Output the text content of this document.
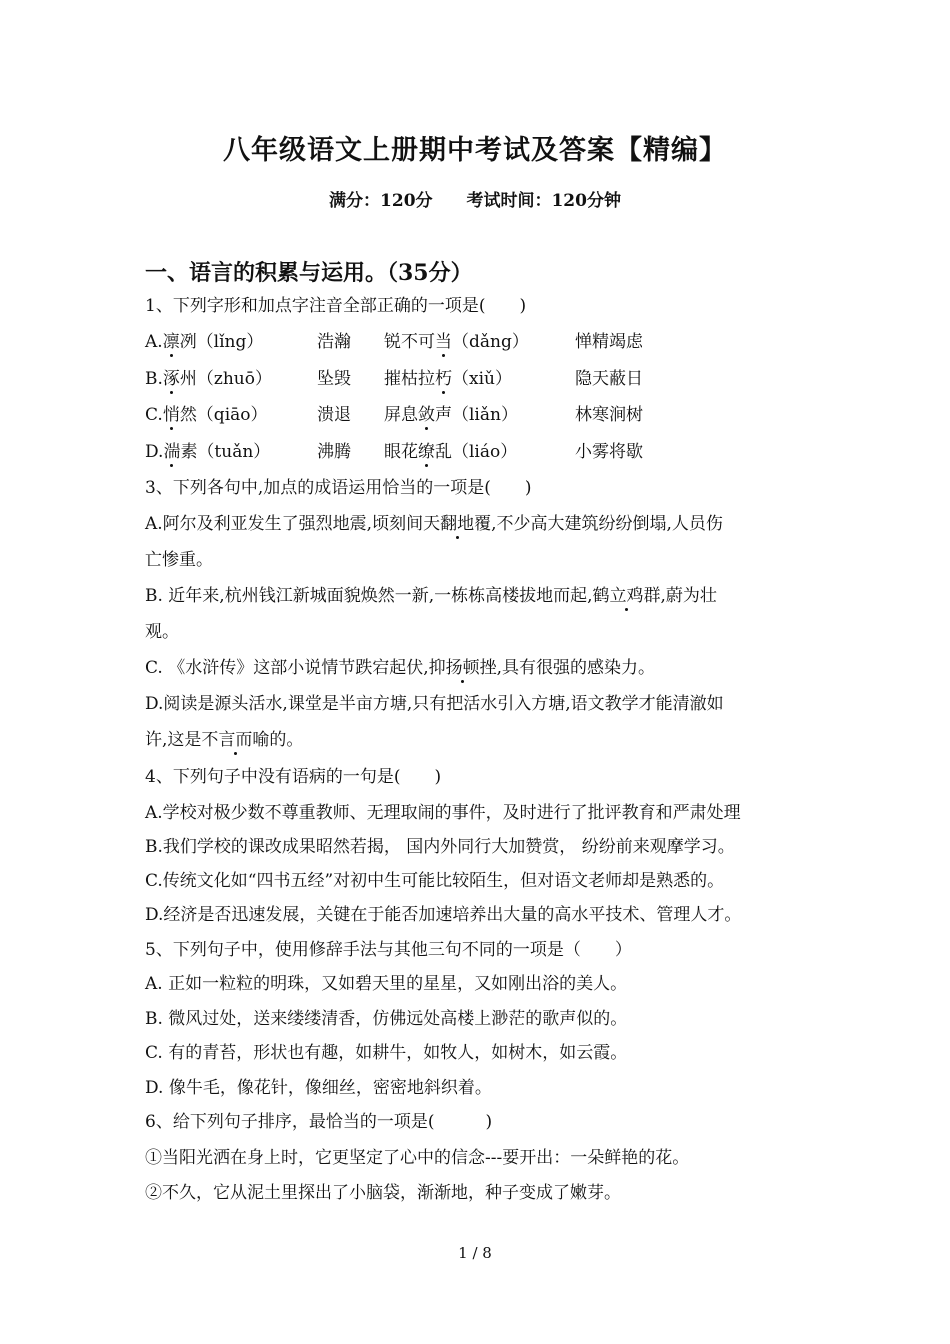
八年级语文上册期中考试及答案【精编】
满分：120分 考试时间：120分钟
一、语言的积累与运用。（35分）
1、下列字形和加点字注音全部正确的一项是(　　)
A.凛冽（lǐng）	浩瀚 锐不可当（dǎng）	惮精竭虑
B.涿州（zhuō）	坠毁 摧枯拉朽（xiǔ）	隐天蔽日
C.悄然（qiāo）	溃退 屏息敛声（liǎn）	林寒涧树
D.湍素（tuǎn）	沸腾 眼花缭乱（liáo）	小雾将歇
3、下列各句中,加点的成语运用恰当的一项是(　　)
A.阿尔及利亚发生了强烈地震,顷刻间天翻地覆,不少高大建筑纷纷倒塌,人员伤
亡惨重。
B. 近年来,杭州钱江新城面貌焕然一新,一栋栋高楼拔地而起,鹤立鸡群,蔚为壮
观。
C. 《水浒传》这部小说情节跌宕起伏,抑扬顿挫,具有很强的感染力。
D.阅读是源头活水,课堂是半亩方塘,只有把活水引入方塘,语文教学才能清澈如
许,这是不言而喻的。
4、下列句子中没有语病的一句是(　　)
A.学校对极少数不尊重教师、无理取闹的事件，及时进行了批评教育和严肃处理
B.我们学校的课改成果昭然若揭， 国内外同行大加赞赏， 纷纷前来观摩学习。
C.传统文化如“四书五经”对初中生可能比较陌生，但对语文老师却是熟悉的。
D.经济是否迅速发展，关键在于能否加速培养出大量的高水平技术、管理人才。
5、下列句子中，使用修辞手法与其他三句不同的一项是（　　）
A. 正如一粒粒的明珠，又如碧天里的星星，又如刚出浴的美人。
B. 微风过处，送来缕缕清香，仿佛远处高楼上渺茫的歌声似的。
C. 有的青苔，形状也有趣，如耕牛，如牧人，如树木，如云霞。
D. 像牛毛，像花针，像细丝，密密地斜织着。
6、给下列句子排序，最恰当的一项是(　　　)
①当阳光洒在身上时，它更坚定了心中的信念---要开出：一朵鲜艳的花。
②不久，它从泥土里探出了小脑袋，渐渐地，种子变成了嫩芽。
1 / 8
